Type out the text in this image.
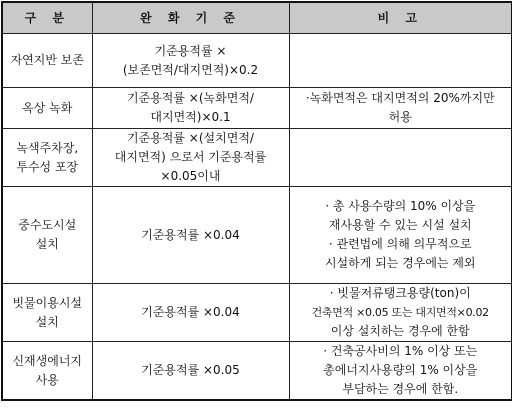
구 분	완 화 기 준	비 고

자연지반 보존	기준용적률 ×
(보존면적/대지면적)×0.2	

옥상 녹화	기준용적률 ×(녹화면적/
대지면적)×0.1	·녹화면적은 대지면적의 20%까지만
허용

녹색주차장,
투수성 포장	기준용적률 ×(설치면적/
대지면적) 으로서 기준용적률
×0.05이내	

중수도시설
설치	기준용적률 ×0.04	· 총 사용수량의 10% 이상을
재사용할 수 있는 시설 설치
· 관련법에 의해 의무적으로
시설하게 되는 경우에는 제외

빗물이용시설
설치	기준용적률 ×0.04	· 빗물저류탱크용량(ton)이
건축면적 ×0.05 또는 대지면적×0.02
이상 설치하는 경우에 한함

신재생에너지
사용	기준용적률 ×0.05	· 건축공사비의 1% 이상 또는
총에너지사용량의 1% 이상을
부담하는 경우에 한함.
